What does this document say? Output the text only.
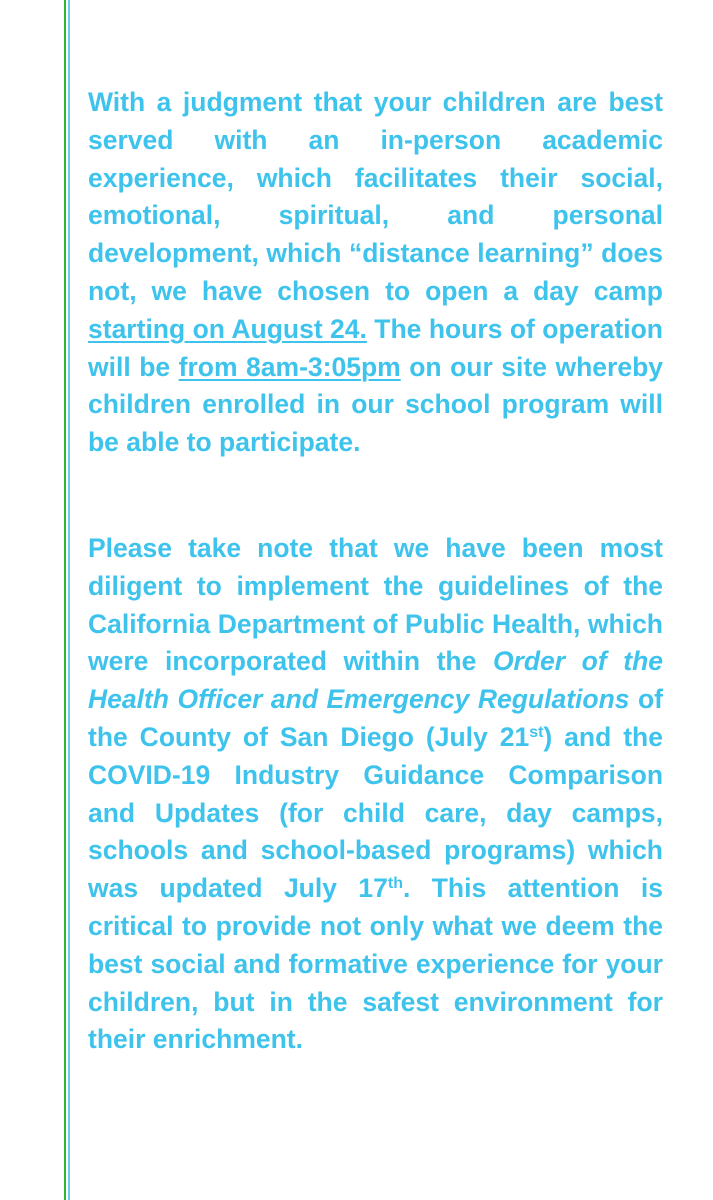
With a judgment that your children are best served with an in-person academic experience, which facilitates their social, emotional, spiritual, and personal development, which “distance learning” does not, we have chosen to open a day camp starting on August 24. The hours of operation will be from 8am-3:05pm on our site whereby children enrolled in our school program will be able to participate.

Please take note that we have been most diligent to implement the guidelines of the California Department of Public Health, which were incorporated within the Order of the Health Officer and Emergency Regulations of the County of San Diego (July 21st) and the COVID-19 Industry Guidance Comparison and Updates (for child care, day camps, schools and school-based programs) which was updated July 17th. This attention is critical to provide not only what we deem the best social and formative experience for your children, but in the safest environment for their enrichment.
